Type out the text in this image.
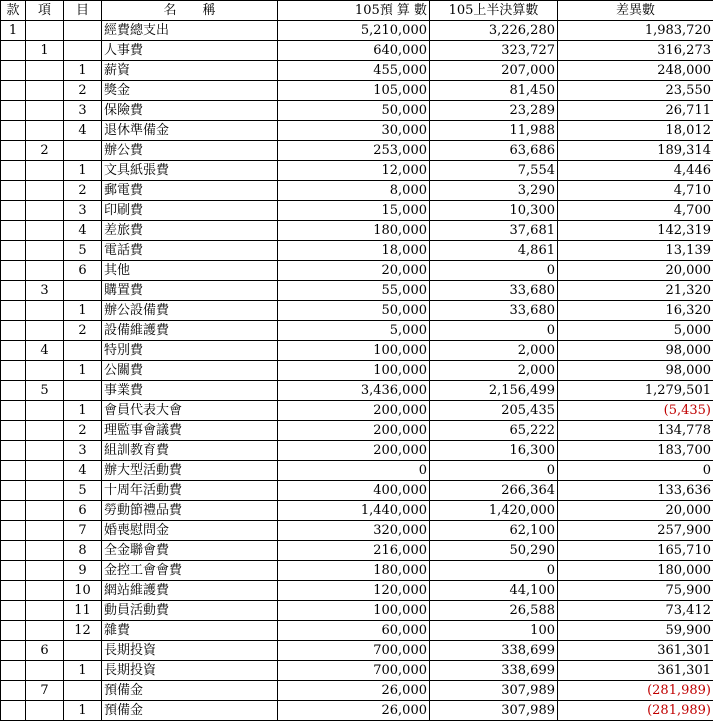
款	項	目	名　　稱	105預 算 數	105上半決算數	差異數
1			經費總支出	5,210,000	3,226,280	1,983,720
	1		人事費	640,000	323,727	316,273
		1	薪資	455,000	207,000	248,000
		2	獎金	105,000	81,450	23,550
		3	保險費	50,000	23,289	26,711
		4	退休準備金	30,000	11,988	18,012
	2		辦公費	253,000	63,686	189,314
		1	文具紙張費	12,000	7,554	4,446
		2	郵電費	8,000	3,290	4,710
		3	印刷費	15,000	10,300	4,700
		4	差旅費	180,000	37,681	142,319
		5	電話費	18,000	4,861	13,139
		6	其他	20,000	0	20,000
	3		購置費	55,000	33,680	21,320
		1	辦公設備費	50,000	33,680	16,320
		2	設備維護費	5,000	0	5,000
	4		特別費	100,000	2,000	98,000
		1	公關費	100,000	2,000	98,000
	5		事業費	3,436,000	2,156,499	1,279,501
		1	會員代表大會	200,000	205,435	(5,435)
		2	理監事會議費	200,000	65,222	134,778
		3	組訓教育費	200,000	16,300	183,700
		4	辦大型活動費	0	0	0
		5	十周年活動費	400,000	266,364	133,636
		6	勞動節禮品費	1,440,000	1,420,000	20,000
		7	婚喪慰問金	320,000	62,100	257,900
		8	全金聯會費	216,000	50,290	165,710
		9	金控工會會費	180,000	0	180,000
		10	網站維護費	120,000	44,100	75,900
		11	動員活動費	100,000	26,588	73,412
		12	雜費	60,000	100	59,900
	6		長期投資	700,000	338,699	361,301
		1	長期投資	700,000	338,699	361,301
	7		預備金	26,000	307,989	(281,989)
		1	預備金	26,000	307,989	(281,989)
